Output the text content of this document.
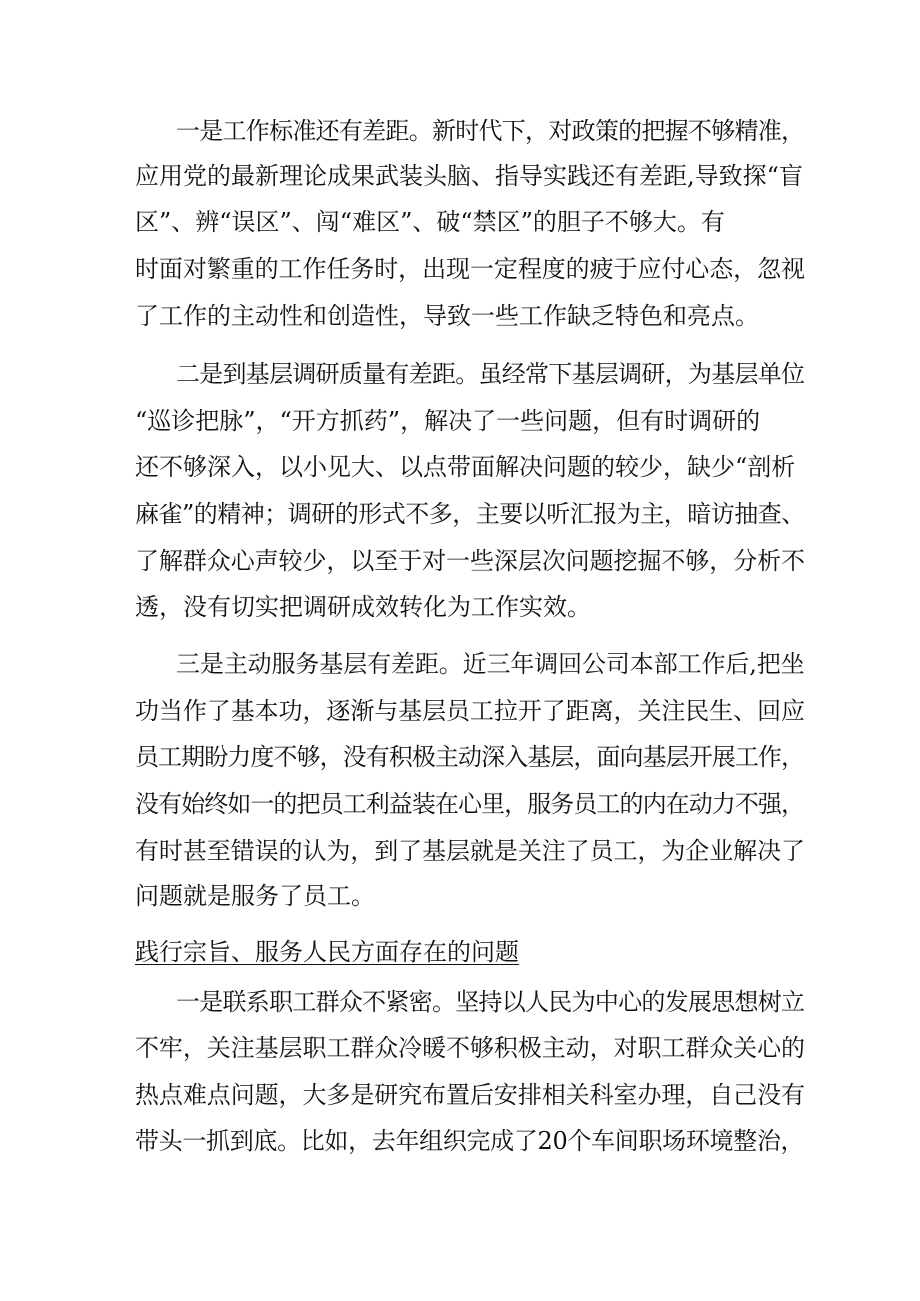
一是工作标准还有差距。新时代下，对政策的把握不够精准，
应用党的最新理论成果武装头脑、指导实践还有差距,导致探“盲
区”、辨“误区”、闯“难区”、破“禁区”的胆子不够大。有
时面对繁重的工作任务时，出现一定程度的疲于应付心态，忽视
了工作的主动性和创造性，导致一些工作缺乏特色和亮点。
二是到基层调研质量有差距。虽经常下基层调研，为基层单位
“巡诊把脉”，“开方抓药”，解决了一些问题，但有时调研的
还不够深入，以小见大、以点带面解决问题的较少，缺少“剖析
麻雀”的精神；调研的形式不多，主要以听汇报为主，暗访抽查、
了解群众心声较少，以至于对一些深层次问题挖掘不够，分析不
透，没有切实把调研成效转化为工作实效。
三是主动服务基层有差距。近三年调回公司本部工作后,把坐
功当作了基本功，逐渐与基层员工拉开了距离，关注民生、回应
员工期盼力度不够，没有积极主动深入基层，面向基层开展工作，
没有始终如一的把员工利益装在心里，服务员工的内在动力不强，
有时甚至错误的认为，到了基层就是关注了员工，为企业解决了
问题就是服务了员工。
践行宗旨、服务人民方面存在的问题
一是联系职工群众不紧密。坚持以人民为中心的发展思想树立
不牢，关注基层职工群众冷暖不够积极主动，对职工群众关心的
热点难点问题，大多是研究布置后安排相关科室办理，自己没有
带头一抓到底。比如，去年组织完成了20个车间职场环境整治，
